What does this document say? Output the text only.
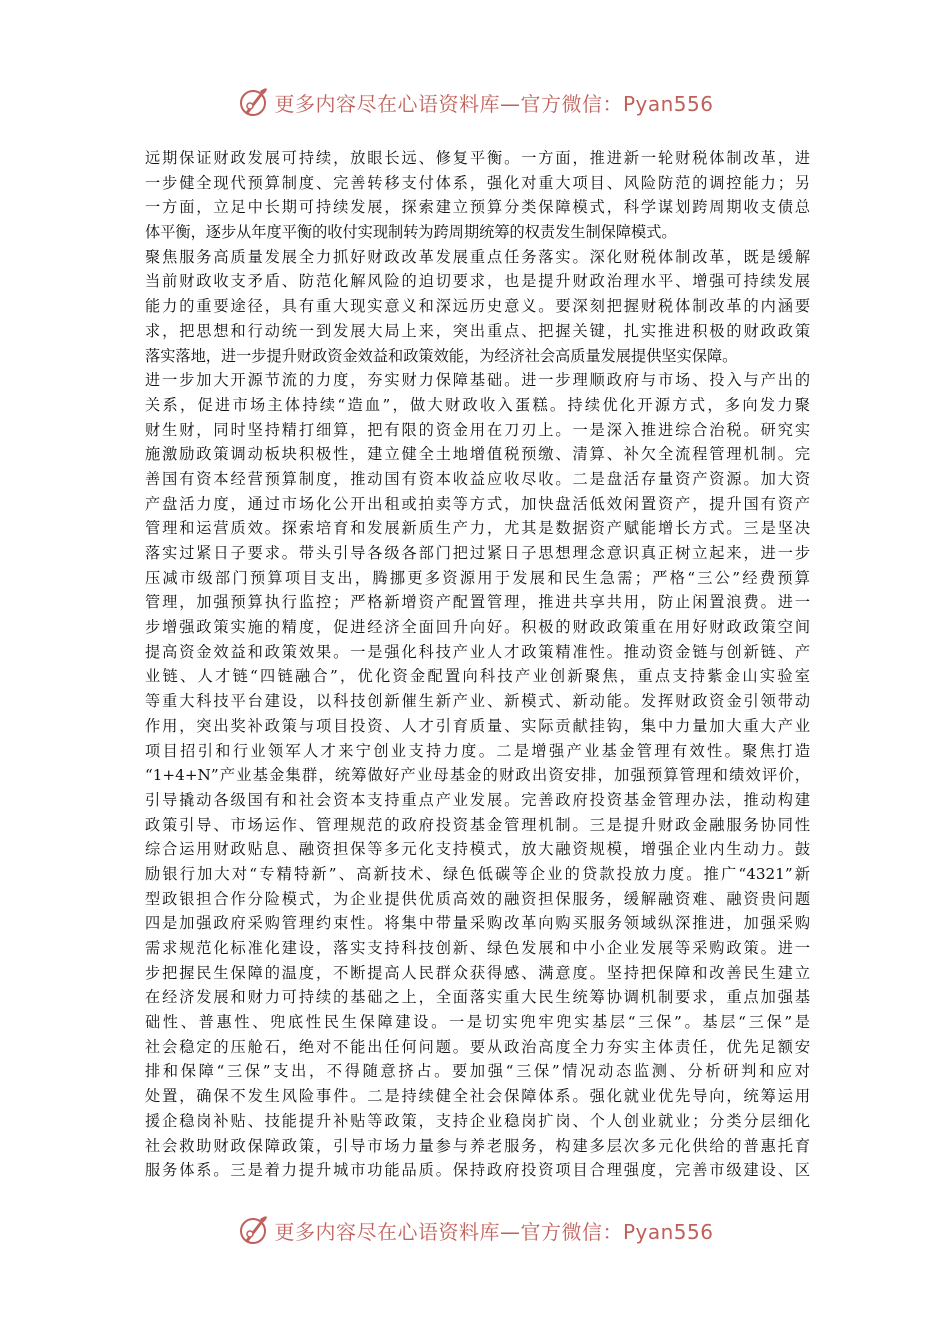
更多内容尽在心语资料库—官方微信：Pyan556
远期保证财政发展可持续，放眼长远、修复平衡。一方面，推进新一轮财税体制改革，进
一步健全现代预算制度、完善转移支付体系，强化对重大项目、风险防范的调控能力；另
一方面，立足中长期可持续发展，探索建立预算分类保障模式，科学谋划跨周期收支债总
体平衡，逐步从年度平衡的收付实现制转为跨周期统筹的权责发生制保障模式。
聚焦服务高质量发展全力抓好财政改革发展重点任务落实。深化财税体制改革，既是缓解
当前财政收支矛盾、防范化解风险的迫切要求，也是提升财政治理水平、增强可持续发展
能力的重要途径，具有重大现实意义和深远历史意义。要深刻把握财税体制改革的内涵要
求，把思想和行动统一到发展大局上来，突出重点、把握关键，扎实推进积极的财政政策
落实落地，进一步提升财政资金效益和政策效能，为经济社会高质量发展提供坚实保障。
进一步加大开源节流的力度，夯实财力保障基础。进一步理顺政府与市场、投入与产出的
关系，促进市场主体持续“造血”，做大财政收入蛋糕。持续优化开源方式，多向发力聚
财生财，同时坚持精打细算，把有限的资金用在刀刃上。一是深入推进综合治税。研究实
施激励政策调动板块积极性，建立健全土地增值税预缴、清算、补欠全流程管理机制。完
善国有资本经营预算制度，推动国有资本收益应收尽收。二是盘活存量资产资源。加大资
产盘活力度，通过市场化公开出租或拍卖等方式，加快盘活低效闲置资产，提升国有资产
管理和运营质效。探索培育和发展新质生产力，尤其是数据资产赋能增长方式。三是坚决
落实过紧日子要求。带头引导各级各部门把过紧日子思想理念意识真正树立起来，进一步
压减市级部门预算项目支出，腾挪更多资源用于发展和民生急需；严格“三公”经费预算
管理，加强预算执行监控；严格新增资产配置管理，推进共享共用，防止闲置浪费。进一
步增强政策实施的精度，促进经济全面回升向好。积极的财政政策重在用好财政政策空间
提高资金效益和政策效果。一是强化科技产业人才政策精准性。推动资金链与创新链、产
业链、人才链“四链融合”，优化资金配置向科技产业创新聚焦，重点支持紫金山实验室
等重大科技平台建设，以科技创新催生新产业、新模式、新动能。发挥财政资金引领带动
作用，突出奖补政策与项目投资、人才引育质量、实际贡献挂钩，集中力量加大重大产业
项目招引和行业领军人才来宁创业支持力度。二是增强产业基金管理有效性。聚焦打造
“1+4+N”产业基金集群，统筹做好产业母基金的财政出资安排，加强预算管理和绩效评价，
引导撬动各级国有和社会资本支持重点产业发展。完善政府投资基金管理办法，推动构建
政策引导、市场运作、管理规范的政府投资基金管理机制。三是提升财政金融服务协同性
综合运用财政贴息、融资担保等多元化支持模式，放大融资规模，增强企业内生动力。鼓
励银行加大对“专精特新”、高新技术、绿色低碳等企业的贷款投放力度。推广“4321”新
型政银担合作分险模式，为企业提供优质高效的融资担保服务，缓解融资难、融资贵问题
四是加强政府采购管理约束性。将集中带量采购改革向购买服务领域纵深推进，加强采购
需求规范化标准化建设，落实支持科技创新、绿色发展和中小企业发展等采购政策。进一
步把握民生保障的温度，不断提高人民群众获得感、满意度。坚持把保障和改善民生建立
在经济发展和财力可持续的基础之上，全面落实重大民生统筹协调机制要求，重点加强基
础性、普惠性、兜底性民生保障建设。一是切实兜牢兜实基层“三保”。基层“三保”是
社会稳定的压舱石，绝对不能出任何问题。要从政治高度全力夯实主体责任，优先足额安
排和保障“三保”支出，不得随意挤占。要加强“三保”情况动态监测、分析研判和应对
处置，确保不发生风险事件。二是持续健全社会保障体系。强化就业优先导向，统筹运用
援企稳岗补贴、技能提升补贴等政策，支持企业稳岗扩岗、个人创业就业；分类分层细化
社会救助财政保障政策，引导市场力量参与养老服务，构建多层次多元化供给的普惠托育
服务体系。三是着力提升城市功能品质。保持政府投资项目合理强度，完善市级建设、区
更多内容尽在心语资料库—官方微信：Pyan556
